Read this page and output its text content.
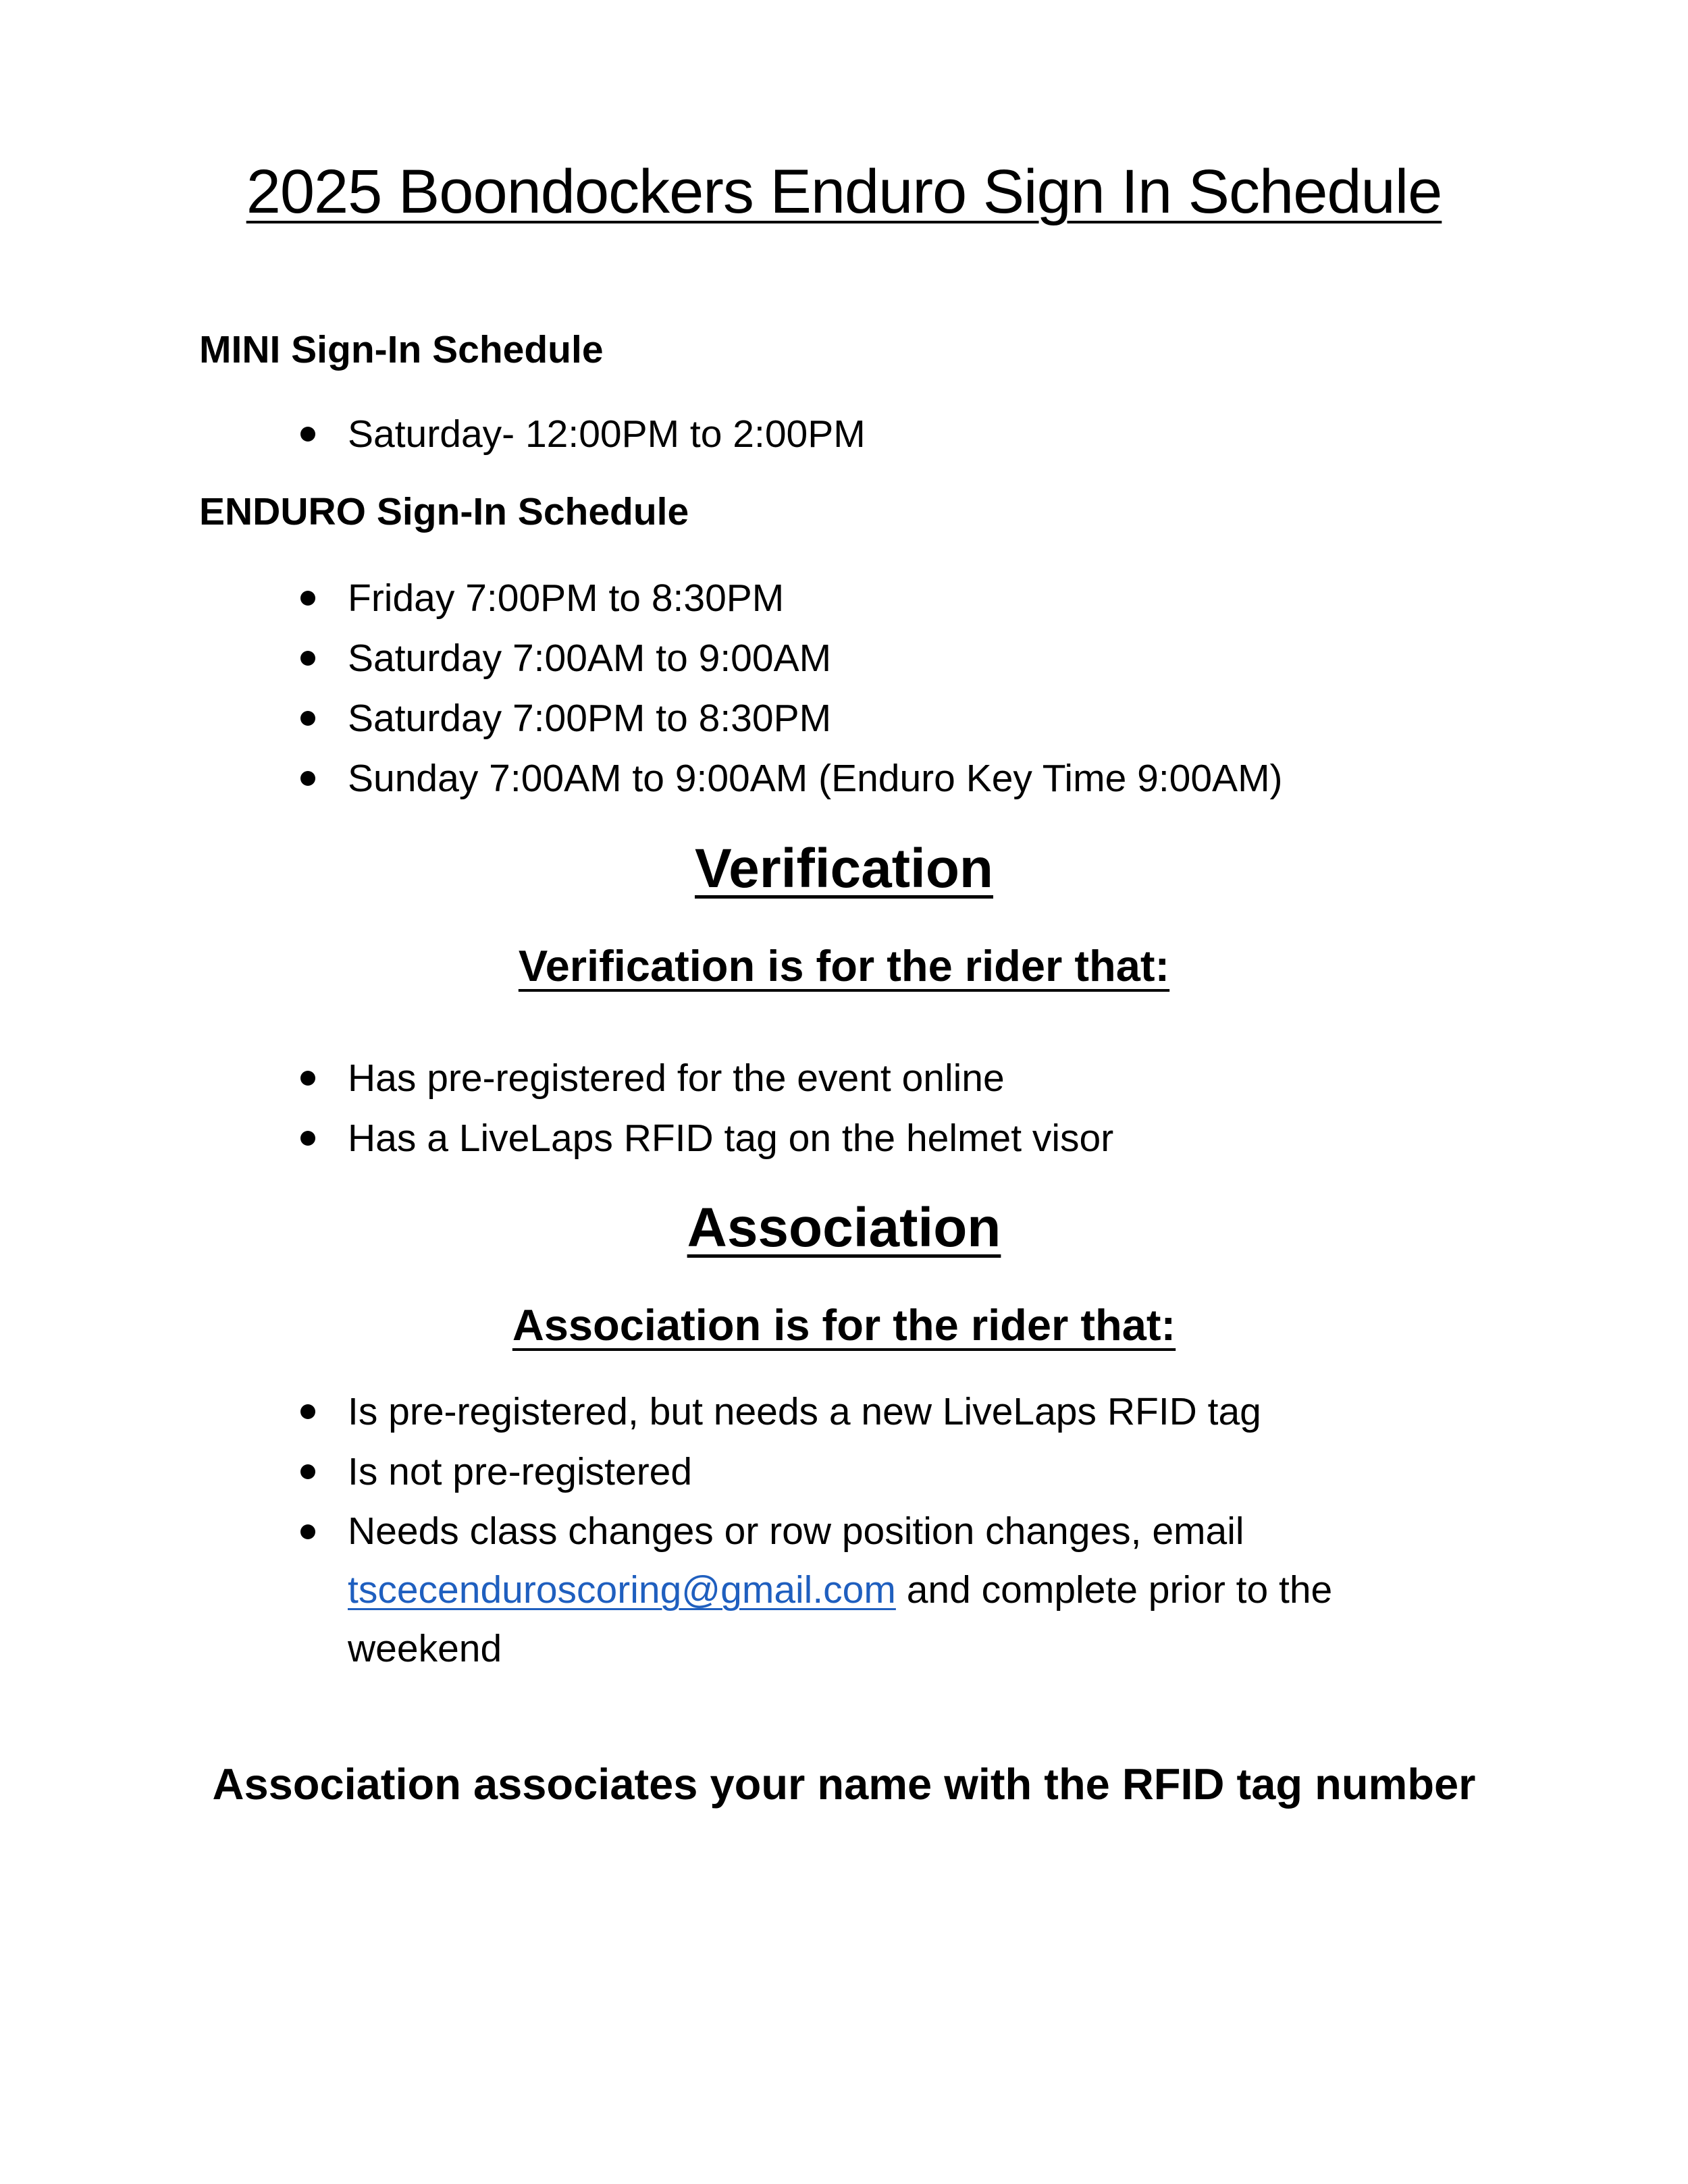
2025 Boondockers Enduro Sign In Schedule

MINI Sign-In Schedule

Saturday- 12:00PM to 2:00PM

ENDURO Sign-In Schedule

Friday 7:00PM to 8:30PM
Saturday 7:00AM to 9:00AM
Saturday 7:00PM to 8:30PM
Sunday 7:00AM to 9:00AM (Enduro Key Time 9:00AM)
Verification
Verification is for the rider that:
Has pre-registered for the event online
Has a LiveLaps RFID tag on the helmet visor
Association
Association is for the rider that:
Is pre-registered, but needs a new LiveLaps RFID tag
Is not pre-registered
Needs class changes or row position changes, email
tscecenduroscoring@gmail.com and complete prior to the weekend

Association associates your name with the RFID tag number
